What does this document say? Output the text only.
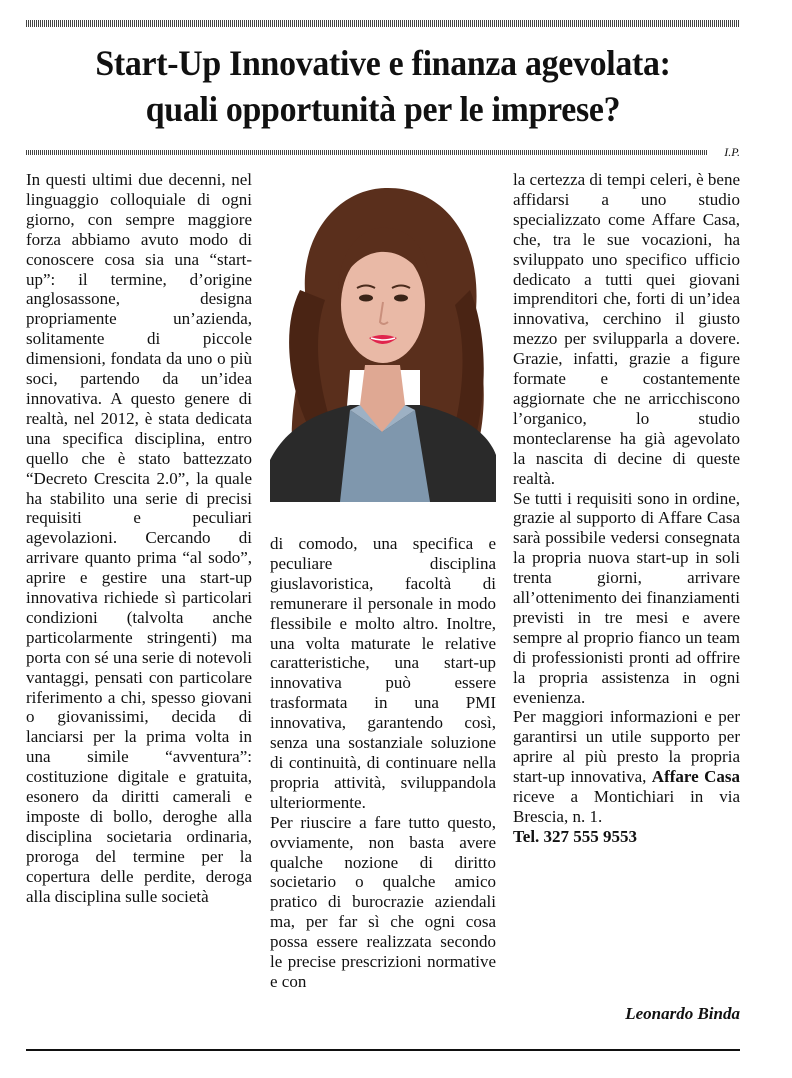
Start-Up Innovative e finanza agevolata:
quali opportunità per le imprese?
I.P.

In questi ultimi due decenni, nel linguaggio colloquiale di ogni giorno, con sempre maggiore forza abbiamo avuto modo di conoscere cosa sia una “start-up”: il termine, d’origine anglosassone, designa propriamente un’azienda, solitamente di piccole dimensioni, fondata da uno o più soci, partendo da un’idea innovativa. A questo genere di realtà, nel 2012, è stata dedicata una specifica disciplina, entro quello che è stato battezzato “Decreto Crescita 2.0”, la quale ha stabilito una serie di precisi requisiti e peculiari agevolazioni. Cercando di arrivare quanto prima “al sodo”, aprire e gestire una start-up innovativa richiede sì particolari condizioni (talvolta anche particolarmente stringenti) ma porta con sé una serie di notevoli vantaggi, pensati con particolare riferimento a chi, spesso giovani o giovanissimi, decida di lanciarsi per la prima volta in una simile “avventura”: costituzione digitale e gratuita, esonero da diritti camerali e imposte di bollo, deroghe alla disciplina societaria ordinaria, proroga del termine per la copertura delle perdite, deroga alla disciplina sulle società

di comodo, una specifica e peculiare disciplina giuslavoristica, facoltà di remunerare il personale in modo flessibile e molto altro. Inoltre, una volta maturate le relative caratteristiche, una start-up innovativa può essere trasformata in una PMI innovativa, garantendo così, senza una sostanziale soluzione di continuità, di continuare nella propria attività, sviluppandola ulteriormente.

Per riuscire a fare tutto questo, ovviamente, non basta avere qualche nozione di diritto societario o qualche amico pratico di burocrazie aziendali ma, per far sì che ogni cosa possa essere realizzata secondo le precise prescrizioni normative e con

la certezza di tempi celeri, è bene affidarsi a uno studio specializzato come Affare Casa, che, tra le sue vocazioni, ha sviluppato uno specifico ufficio dedicato a tutti quei giovani imprenditori che, forti di un’idea innovativa, cerchino il giusto mezzo per svilupparla a dovere. Grazie, infatti, grazie a figure formate e costantemente aggiornate che ne arricchiscono l’organico, lo studio monteclarense ha già agevolato la nascita di decine di queste realtà.

Se tutti i requisiti sono in ordine, grazie al supporto di Affare Casa sarà possibile vedersi consegnata la propria nuova start-up in soli trenta giorni, arrivare all’ottenimento dei finanziamenti previsti in tre mesi e avere sempre al proprio fianco un team di professionisti pronti ad offrire la propria assistenza in ogni evenienza.

Per maggiori informazioni e per garantirsi un utile supporto per aprire al più presto la propria start-up innovativa, Affare Casa riceve a Montichiari in via Brescia, n. 1.

Tel. 327 555 9553

Leonardo Binda
